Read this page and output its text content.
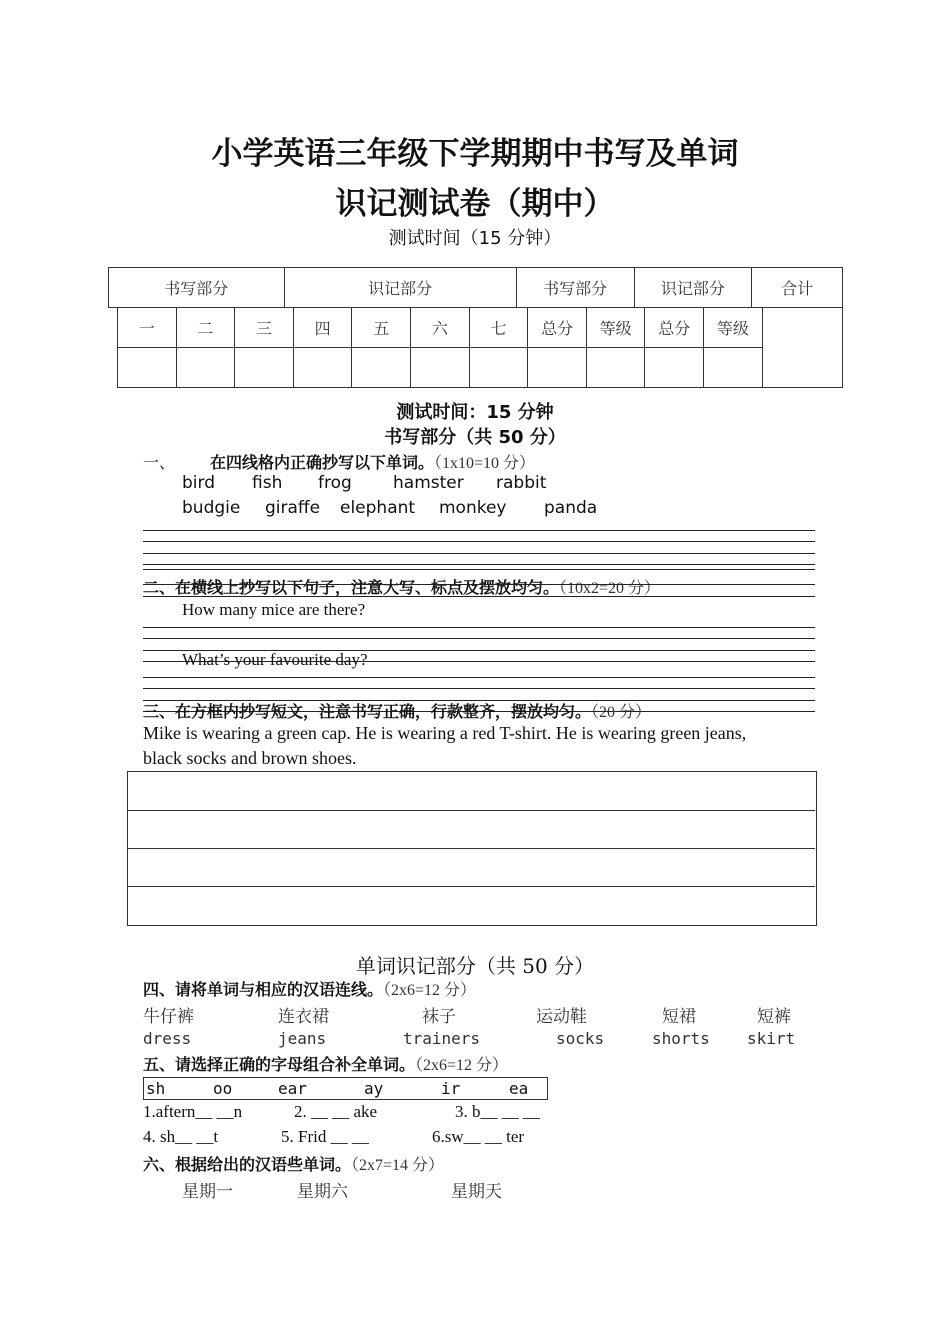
小学英语三年级下学期期中书写及单词
识记测试卷（期中）
测试时间（15 分钟）
书写部分	识记部分	书写部分	识记部分	合计
一	二	三	四	五	六	七	总分	等级	总分	等级	

测试时间：15 分钟
书写部分（共 50 分）
一、 在四线格内正确抄写以下单词。（1x10=10 分）
bird fish frog hamster rabbit
budgie giraffe elephant monkey panda
二、在横线上抄写以下句子，注意大写、标点及摆放均匀。（10x2=20 分）
How many mice are there?
What’s your favourite day?
三、在方框内抄写短文，注意书写正确，行款整齐，摆放均匀。（20 分）
Mike is wearing a green cap. He is wearing a red T-shirt. He is wearing green jeans,
black socks and brown shoes.
单词识记部分（共 50 分）
四、请将单词与相应的汉语连线。（2x6=12 分）
牛仔裤	连衣裙	袜子	运动鞋	短裙	短裤
dress	jeans	trainers	socks	shorts skirt
五、请选择正确的字母组合补全单词。（2x6=12 分）
sh	oo	ear	ay	ir	ea
1.aftern__ __n	2. __ __ ake	3. b__ __ __
4. sh__ __t	5. Frid __ __	6.sw__ __ ter
六、根据给出的汉语些单词。（2x7=14 分）
星期一	星期六	星期天
